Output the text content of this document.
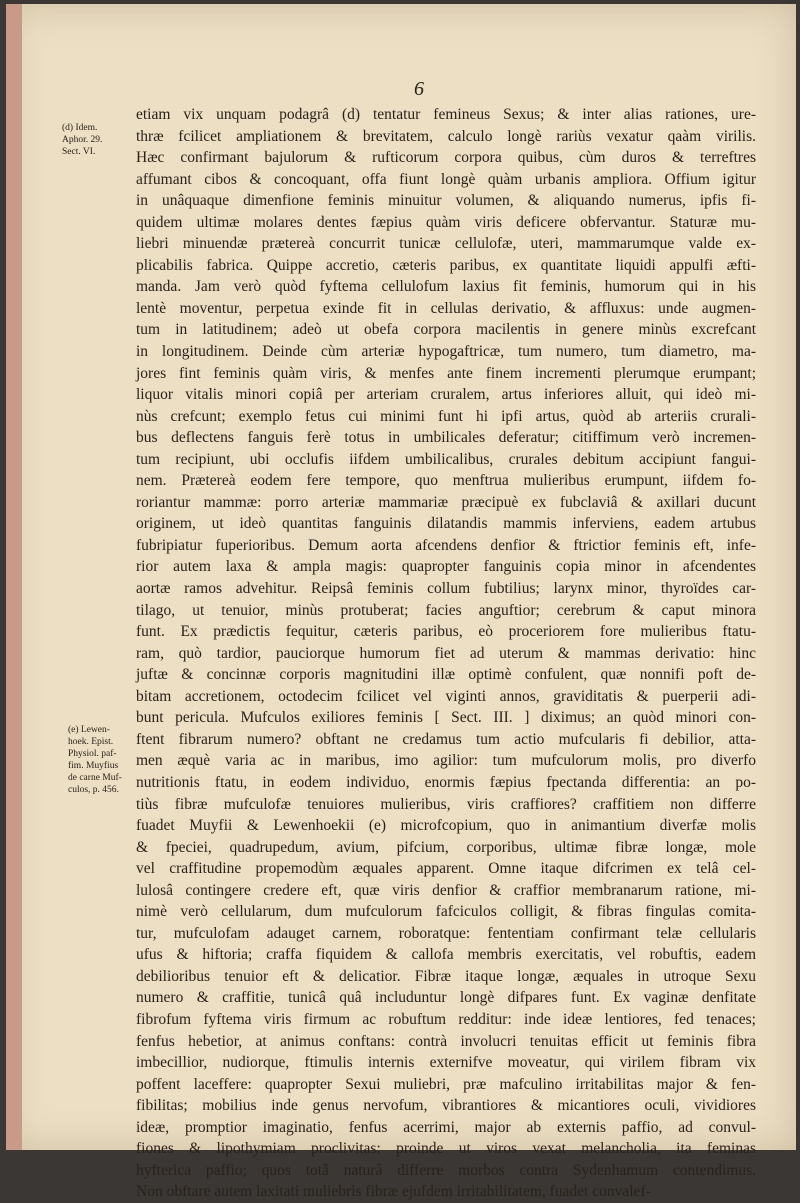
6
(d) Idem.
Aphor. 29.
Sect. VI.
(e) Lewen-
hoek. Epist.
Physiol. paf-
fim. Muyfius
de carne Muf-
culos, p. 456.
etiam vix unquam podagrâ (d) tentatur femineus Sexus; & inter alias rationes, ure-
thræ fcilicet ampliationem & brevitatem, calculo longè rariùs vexatur qaàm virilis.
Hæc confirmant bajulorum & rufticorum corpora quibus, cùm duros & terreftres
affumant cibos & concoquant, offa fiunt longè quàm urbanis ampliora. Offium igitur
in unâquaque dimenfione feminis minuitur volumen, & aliquando numerus, ipfis fi-
quidem ultimæ molares dentes fæpius quàm viris deficere obfervantur. Staturæ mu-
liebri minuendæ prætereà concurrit tunicæ cellulofæ, uteri, mammarumque valde ex-
plicabilis fabrica. Quippe accretio, cæteris paribus, ex quantitate liquidi appulfi æfti-
manda. Jam verò quòd fyftema cellulofum laxius fit feminis, humorum qui in his
lentè moventur, perpetua exinde fit in cellulas derivatio, & affluxus: unde augmen-
tum in latitudinem; adeò ut obefa corpora macilentis in genere minùs excrefcant
in longitudinem. Deinde cùm arteriæ hypogaftricæ, tum numero, tum diametro, ma-
jores fint feminis quàm viris, & menfes ante finem incrementi plerumque erumpant;
liquor vitalis minori copiâ per arteriam cruralem, artus inferiores alluit, qui ideò mi-
nùs crefcunt; exemplo fetus cui minimi funt hi ipfi artus, quòd ab arteriis crurali-
bus deflectens fanguis ferè totus in umbilicales deferatur; citiffimum verò incremen-
tum recipiunt, ubi occlufis iifdem umbilicalibus, crurales debitum accipiunt fangui-
nem. Prætereà eodem fere tempore, quo menftrua mulieribus erumpunt, iifdem fo-
roriantur mammæ: porro arteriæ mammariæ præcipuè ex fubclaviâ & axillari ducunt
originem, ut ideò quantitas fanguinis dilatandis mammis inferviens, eadem artubus
fubripiatur fuperioribus. Demum aorta afcendens denfior & ftrictior feminis eft, infe-
rior autem laxa & ampla magis: quapropter fanguinis copia minor in afcendentes
aortæ ramos advehitur. Reipsâ feminis collum fubtilius; larynx minor, thyroïdes car-
tilago, ut tenuior, minùs protuberat; facies anguftior; cerebrum & caput minora
funt. Ex prædictis fequitur, cæteris paribus, eò proceriorem fore mulieribus ftatu-
ram, quò tardior, pauciorque humorum fiet ad uterum & mammas derivatio: hinc
juftæ & concinnæ corporis magnitudini illæ optimè confulent, quæ nonnifi poft de-
bitam accretionem, octodecim fcilicet vel viginti annos, graviditatis & puerperii adi-
bunt pericula. Mufculos exiliores feminis [ Sect. III. ] diximus; an quòd minori con-
ftent fibrarum numero? obftant ne credamus tum actio mufcularis fi debilior, atta-
men æquè varia ac in maribus, imo agilior: tum mufculorum molis, pro diverfo
nutritionis ftatu, in eodem individuo, enormis fæpius fpectanda differentia: an po-
tiùs fibræ mufculofæ tenuiores mulieribus, viris craffiores? craffitiem non differre
fuadet Muyfii & Lewenhoekii (e) microfcopium, quo in animantium diverfæ molis
& fpeciei, quadrupedum, avium, pifcium, corporibus, ultimæ fibræ longæ, mole
vel craffitudine propemodùm æquales apparent. Omne itaque difcrimen ex telâ cel-
lulosâ contingere credere eft, quæ viris denfior & craffior membranarum ratione, mi-
nimè verò cellularum, dum mufculorum fafciculos colligit, & fibras fingulas comita-
tur, mufculofam adauget carnem, roboratque: fententiam confirmant telæ cellularis
ufus & hiftoria; craffa fiquidem & callofa membris exercitatis, vel robuftis, eadem
debilioribus tenuior eft & delicatior. Fibræ itaque longæ, æquales in utroque Sexu
numero & craffitie, tunicâ quâ includuntur longè difpares funt. Ex vaginæ denfitate
fibrofum fyftema viris firmum ac robuftum redditur: inde ideæ lentiores, fed tenaces;
fenfus hebetior, at animus conftans: contrà involucri tenuitas efficit ut feminis fibra
imbecillior, nudiorque, ftimulis internis externifve moveatur, qui virilem fibram vix
poffent laceffere: quapropter Sexui muliebri, præ mafculino irritabilitas major & fen-
fibilitas; mobilius inde genus nervofum, vibrantiores & micantiores oculi, vividiores
ideæ, promptior imaginatio, fenfus acerrimi, major ab externis paffio, ad convul-
fiones & lipothymiam proclivitas: proinde ut viros vexat melancholia, ita feminas
hyfterica paffio; quos totâ naturâ differre morbos contra Sydenhamum contendimus.
Non obftare autem laxitati muliebris fibræ ejufdem irritabilitatem, fuadet convalef-
